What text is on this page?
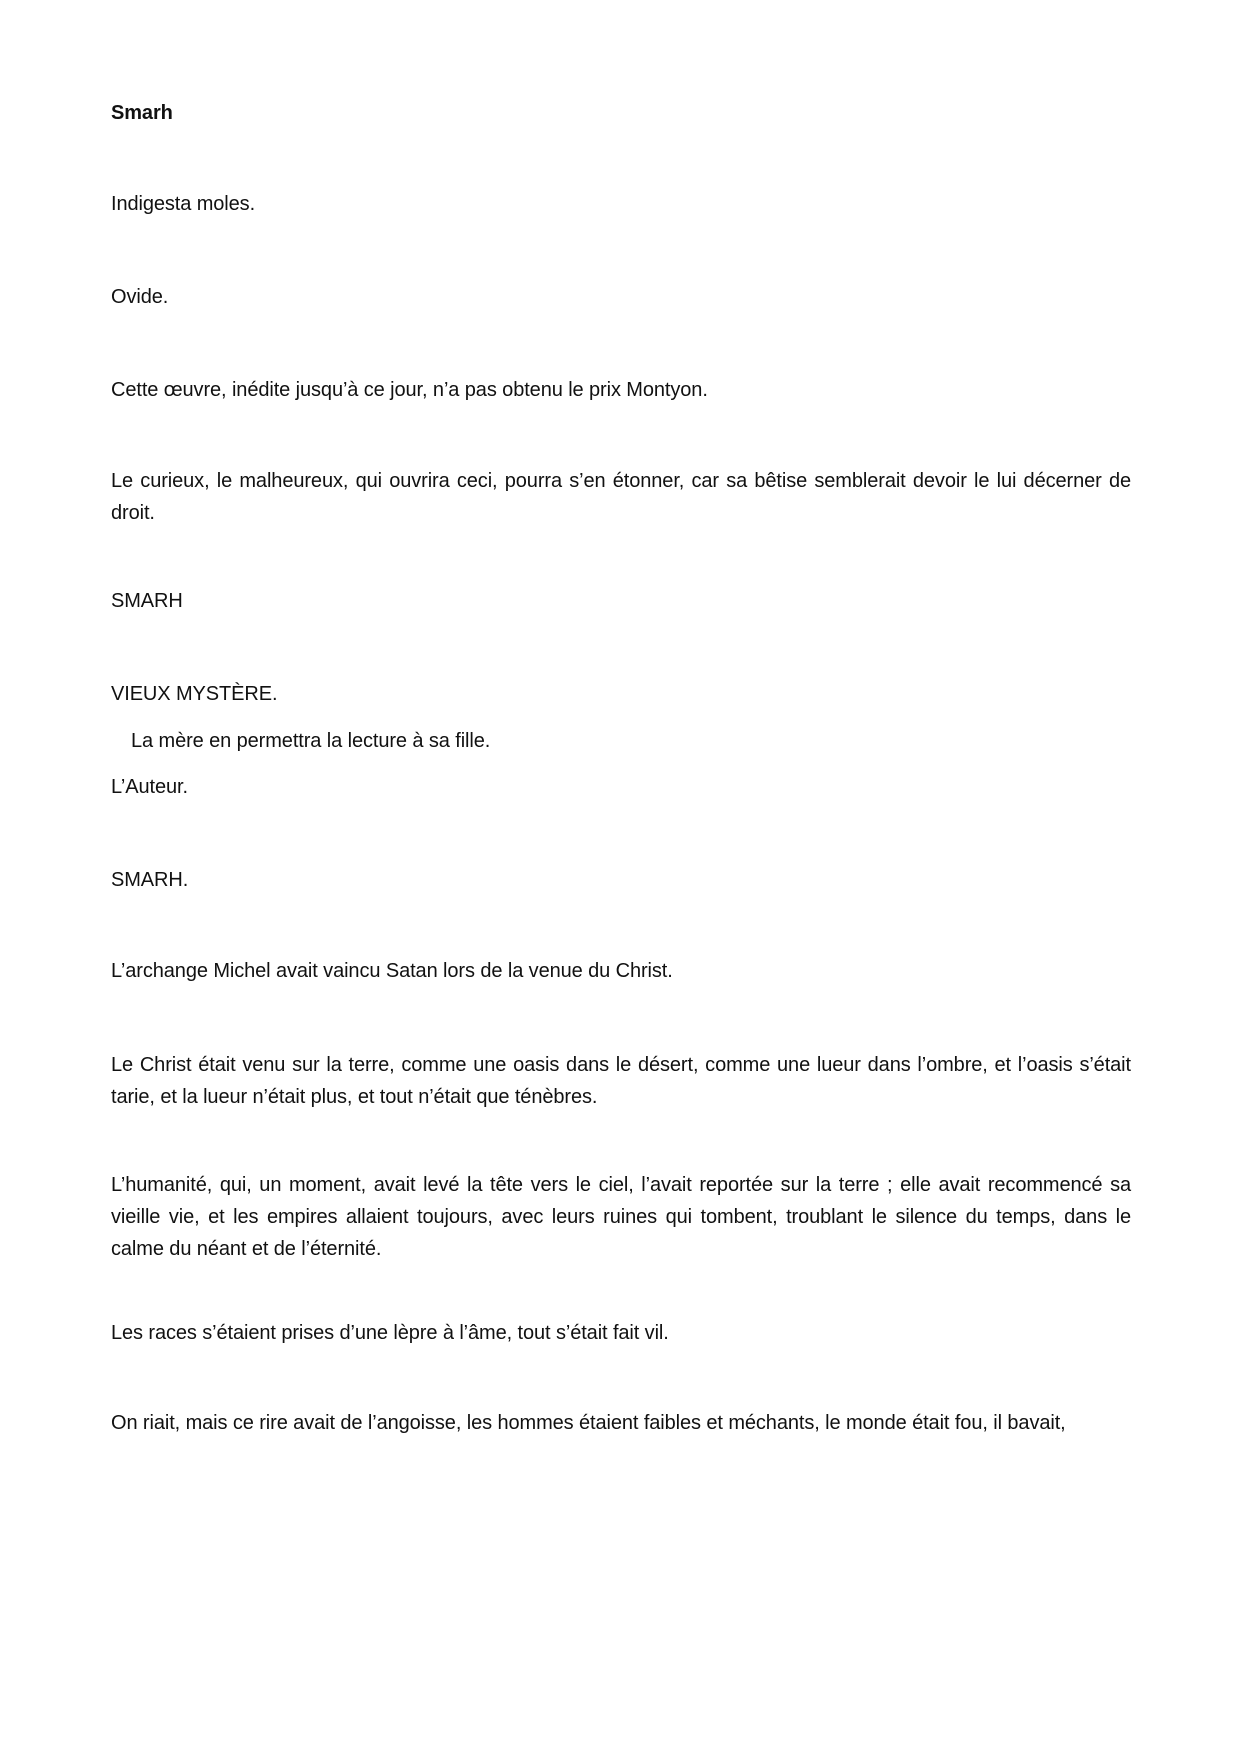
Smarh

Indigesta moles.

Ovide.

Cette œuvre, inédite jusqu’à ce jour, n’a pas obtenu le prix Montyon.

Le curieux, le malheureux, qui ouvrira ceci, pourra s’en étonner, car sa bêtise semblerait devoir le lui décerner de droit.

SMARH

VIEUX MYSTÈRE.

La mère en permettra la lecture à sa fille.

L’Auteur.

SMARH.

L’archange Michel avait vaincu Satan lors de la venue du Christ.

Le Christ était venu sur la terre, comme une oasis dans le désert, comme une lueur dans l’ombre, et l’oasis s’était tarie, et la lueur n’était plus, et tout n’était que ténèbres.

L’humanité, qui, un moment, avait levé la tête vers le ciel, l’avait reportée sur la terre ; elle avait recommencé sa vieille vie, et les empires allaient toujours, avec leurs ruines qui tombent, troublant le silence du temps, dans le calme du néant et de l’éternité.

Les races s’étaient prises d’une lèpre à l’âme, tout s’était fait vil.

On riait, mais ce rire avait de l’angoisse, les hommes étaient faibles et méchants, le monde était fou, il bavait,
